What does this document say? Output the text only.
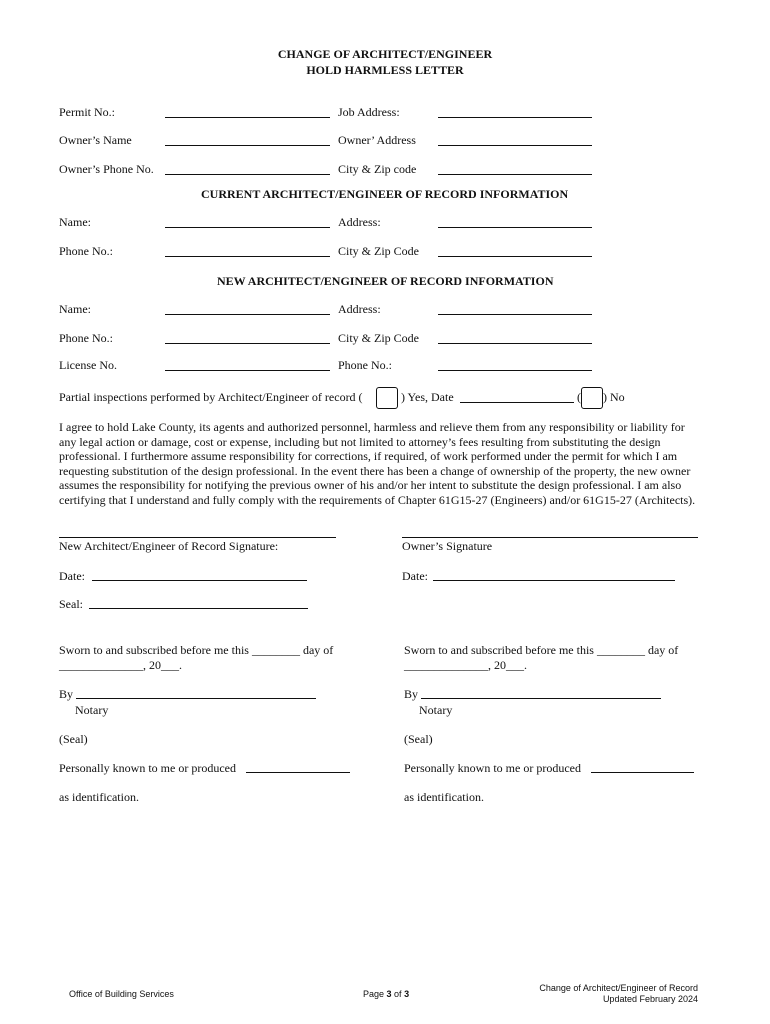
CHANGE OF ARCHITECT/ENGINEER
HOLD HARMLESS LETTER
Permit No.:	Job Address:
Owner’s Name	Owner’ Address
Owner’s Phone No.	City & Zip code
CURRENT ARCHITECT/ENGINEER OF RECORD INFORMATION
Name:	Address:
Phone No.:	City & Zip Code
NEW ARCHITECT/ENGINEER OF RECORD INFORMATION
Name:	Address:
Phone No.:	City & Zip Code
License No.	Phone No.:
Partial inspections performed by Architect/Engineer of record (	) Yes, Date	( ) No
I agree to hold Lake County, its agents and authorized personnel, harmless and relieve them from any responsibility or liability for
any legal action or damage, cost or expense, including but not limited to attorney’s fees resulting from substituting the design
professional. I furthermore assume responsibility for corrections, if required, of work performed under the permit for which I am
requesting substitution of the design professional. In the event there has been a change of ownership of the property, the new owner
assumes the responsibility for notifying the previous owner of his and/or her intent to substitute the design professional. I am also
certifying that I understand and fully comply with the requirements of Chapter 61G15-27 (Engineers) and/or 61G15-27 (Architects).
New Architect/Engineer of Record Signature:	Owner’s Signature
Date:	Date:
Seal:
Sworn to and subscribed before me this ________ day of
______________, 20___.
By
Notary
(Seal)
Personally known to me or produced
as identification.
Sworn to and subscribed before me this ________ day of
______________, 20___.
By
Notary
(Seal)
Personally known to me or produced
as identification.
Office of Building Services	Page 3 of 3
Change of Architect/Engineer of Record
Updated February 2024
